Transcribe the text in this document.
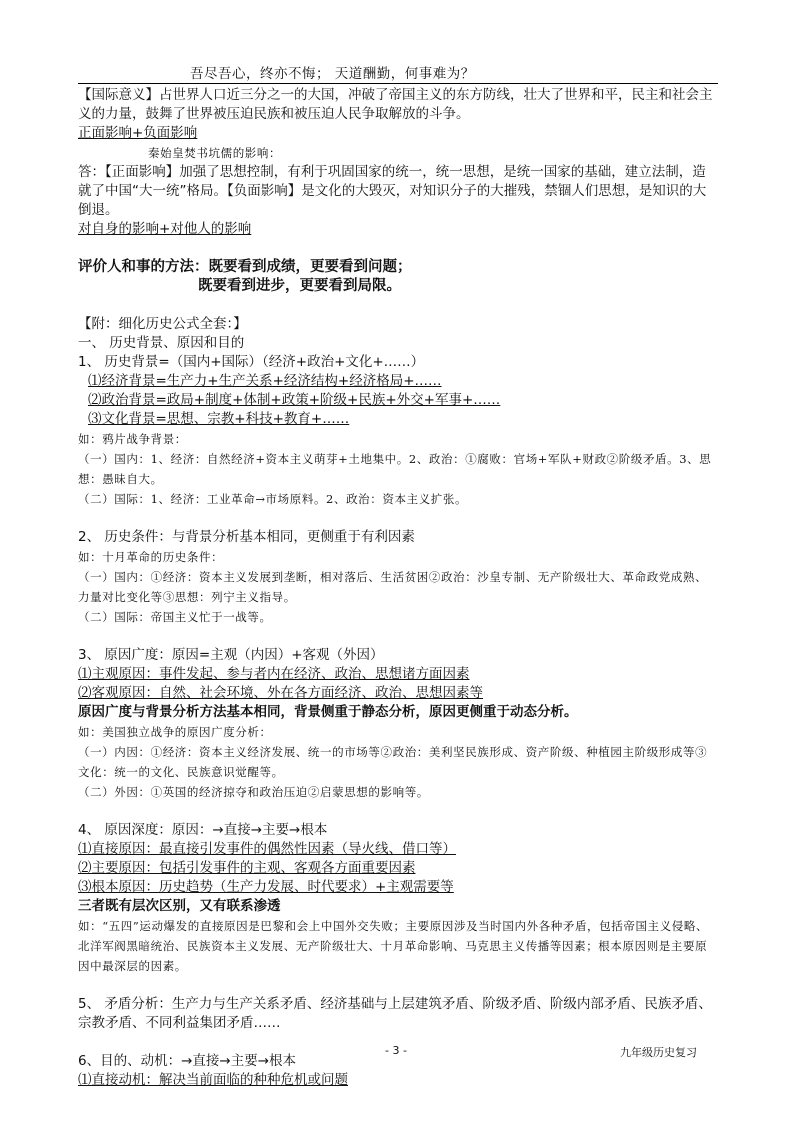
吾尽吾心，终亦不悔； 天道酬勤，何事难为？
【国际意义】占世界人口近三分之一的大国，冲破了帝国主义的东方防线，壮大了世界和平，民主和社会主义的力量，鼓舞了世界被压迫民族和被压迫人民争取解放的斗争。
正面影响+负面影响
秦始皇焚书坑儒的影响：
答：【正面影响】加强了思想控制，有利于巩固国家的统一，统一思想，是统一国家的基础，建立法制，造就了中国“大一统”格局。【负面影响】是文化的大毁灭，对知识分子的大摧残，禁锢人们思想，是知识的大倒退。
对自身的影响+对他人的影响
评价人和事的方法：既要看到成绩，更要看到问题；
既要看到进步，更要看到局限。
【附：细化历史公式全套：】
一、 历史背景、原因和目的
1、 历史背景=（国内+国际）（经济+政治+文化+……）
⑴经济背景=生产力+生产关系+经济结构+经济格局+……
⑵政治背景=政局+制度+体制+政策+阶级+民族+外交+军事+……
⑶文化背景=思想、宗教+科技+教育+……
如：鸦片战争背景：
（一）国内：1、经济：自然经济+资本主义萌芽+土地集中。2、政治：①腐败：官场+军队+财政②阶级矛盾。3、思想：愚昧自大。
（二）国际：1、经济：工业革命→市场原料。2、政治：资本主义扩张。
2、 历史条件：与背景分析基本相同，更侧重于有利因素
如：十月革命的历史条件：
（一）国内：①经济：资本主义发展到垄断，相对落后、生活贫困②政治：沙皇专制、无产阶级壮大、革命政党成熟、力量对比变化等③思想：列宁主义指导。
（二）国际：帝国主义忙于一战等。
3、 原因广度：原因=主观（内因）+客观（外因）
⑴主观原因：事件发起、参与者内在经济、政治、思想诸方面因素
⑵客观原因：自然、社会环境、外在各方面经济、政治、思想因素等
原因广度与背景分析方法基本相同，背景侧重于静态分析，原因更侧重于动态分析。
如：美国独立战争的原因广度分析：
（一）内因：①经济：资本主义经济发展、统一的市场等②政治：美利坚民族形成、资产阶级、种植园主阶级形成等③文化：统一的文化、民族意识觉醒等。
（二）外因：①英国的经济掠夺和政治压迫②启蒙思想的影响等。
4、 原因深度：原因：→直接→主要→根本
⑴直接原因：最直接引发事件的偶然性因素（导火线、借口等）
⑵主要原因：包括引发事件的主观、客观各方面重要因素
⑶根本原因：历史趋势（生产力发展、时代要求）+主观需要等
三者既有层次区别，又有联系渗透
如：“五四”运动爆发的直接原因是巴黎和会上中国外交失败；主要原因涉及当时国内外各种矛盾，包括帝国主义侵略、北洋军阀黑暗统治、民族资本主义发展、无产阶级壮大、十月革命影响、马克思主义传播等因素；根本原因则是主要原因中最深层的因素。
5、 矛盾分析：生产力与生产关系矛盾、经济基础与上层建筑矛盾、阶级矛盾、阶级内部矛盾、民族矛盾、宗教矛盾、不同利益集团矛盾……
6、目的、动机：→直接→主要→根本
⑴直接动机：解决当前面临的种种危机或问题
- 3 -	九年级历史复习
